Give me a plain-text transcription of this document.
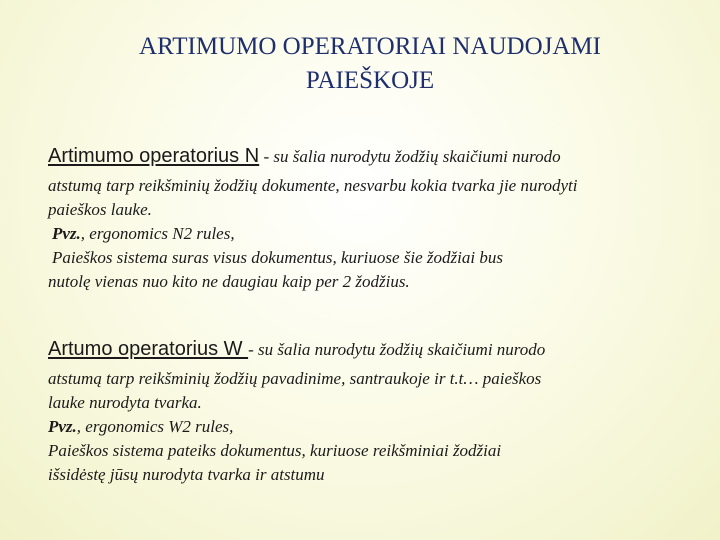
ARTIMUMO OPERATORIAI NAUDOJAMI
PAIEŠKOJE
Artimumo operatorius N - su šalia nurodytu žodžių skaičiumi nurodo
atstumą tarp reikšminių žodžių dokumente, nesvarbu kokia tvarka jie nurodyti
paieškos lauke.
Pvz., ergonomics N2 rules,
Paieškos sistema suras visus dokumentus, kuriuose šie žodžiai bus
nutolę vienas nuo kito ne daugiau kaip per 2 žodžius.
Artumo operatorius W - su šalia nurodytu žodžių skaičiumi nurodo
atstumą tarp reikšminių žodžių pavadinime, santraukoje ir t.t… paieškos
lauke nurodyta tvarka.
Pvz., ergonomics W2 rules,
Paieškos sistema pateiks dokumentus, kuriuose reikšminiai žodžiai
išsidėstę jūsų nurodyta tvarka ir atstumu
